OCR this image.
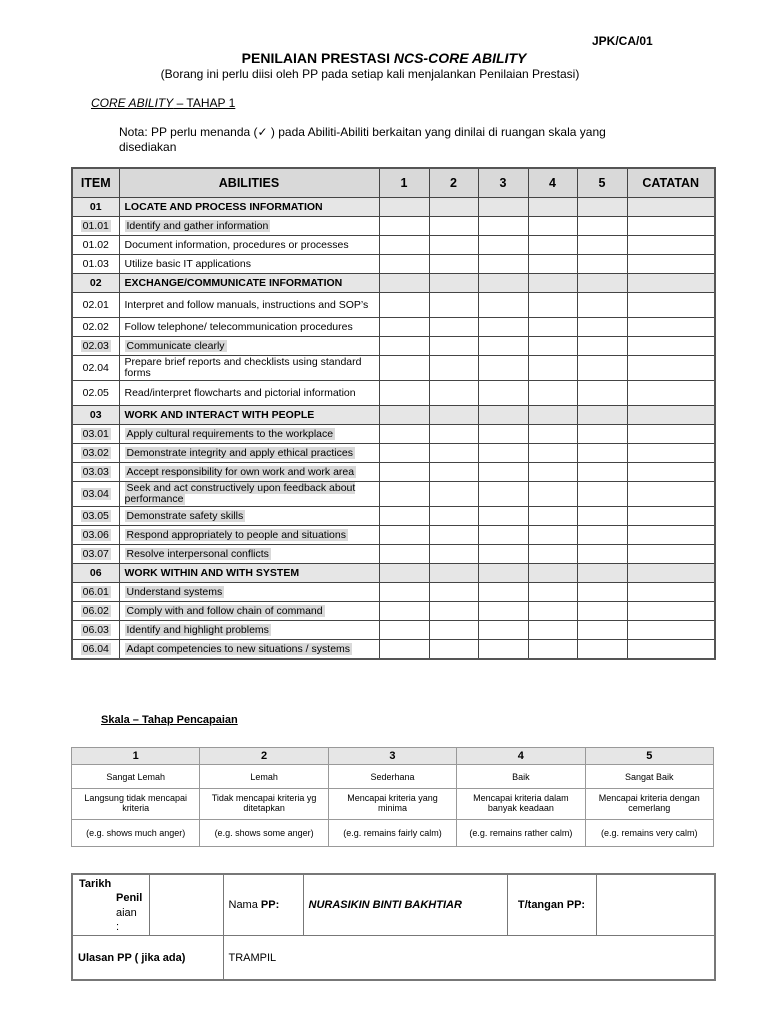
JPK/CA/01
PENILAIAN PRESTASI NCS-CORE ABILITY
(Borang ini perlu diisi oleh PP pada setiap kali menjalankan Penilaian Prestasi)
CORE ABILITY – TAHAP 1
Nota: PP perlu menanda (✓ ) pada Abiliti-Abiliti berkaitan yang dinilai di ruangan skala yang disediakan
ITEM	ABILITIES	1	2	3	4	5	CATATAN
01	LOCATE AND PROCESS INFORMATION						
01.01	Identify and gather information						
01.02	Document information, procedures or processes						
01.03	Utilize basic IT applications						
02	EXCHANGE/COMMUNICATE INFORMATION						
02.01	Interpret and follow manuals, instructions and SOP’s						
02.02	Follow telephone/ telecommunication procedures						
02.03	Communicate clearly						
02.04	Prepare brief reports and checklists using standard forms						
02.05	Read/interpret flowcharts and pictorial information						
03	WORK AND INTERACT WITH PEOPLE						
03.01	Apply cultural requirements to the workplace						
03.02	Demonstrate integrity and apply ethical practices						
03.03	Accept responsibility for own work and work area						
03.04	Seek and act constructively upon feedback about performance						
03.05	Demonstrate safety skills						
03.06	Respond appropriately to people and situations						
03.07	Resolve interpersonal conflicts						
06	WORK WITHIN AND WITH SYSTEM						
06.01	Understand systems						
06.02	Comply with and follow chain of command						
06.03	Identify and highlight problems						
06.04	Adapt competencies to new situations / systems						
Skala – Tahap Pencapaian
1	2	3	4	5
Sangat Lemah	Lemah	Sederhana	Baik	Sangat Baik
Langsung tidak mencapai kriteria	Tidak mencapai kriteria yg ditetapkan	Mencapai kriteria yang minima	Mencapai kriteria dalam banyak keadaan	Mencapai kriteria dengan cemerlang
(e.g. shows much anger)	(e.g. shows some anger)	(e.g. remains fairly calm)	(e.g. remains rather calm)	(e.g. remains very calm)
Tarikh
Penil
aian
:		Nama PP:	NURASIKIN BINTI BAKHTIAR	T/tangan PP:	
Ulasan PP ( jika ada)		TRAMPIL			
